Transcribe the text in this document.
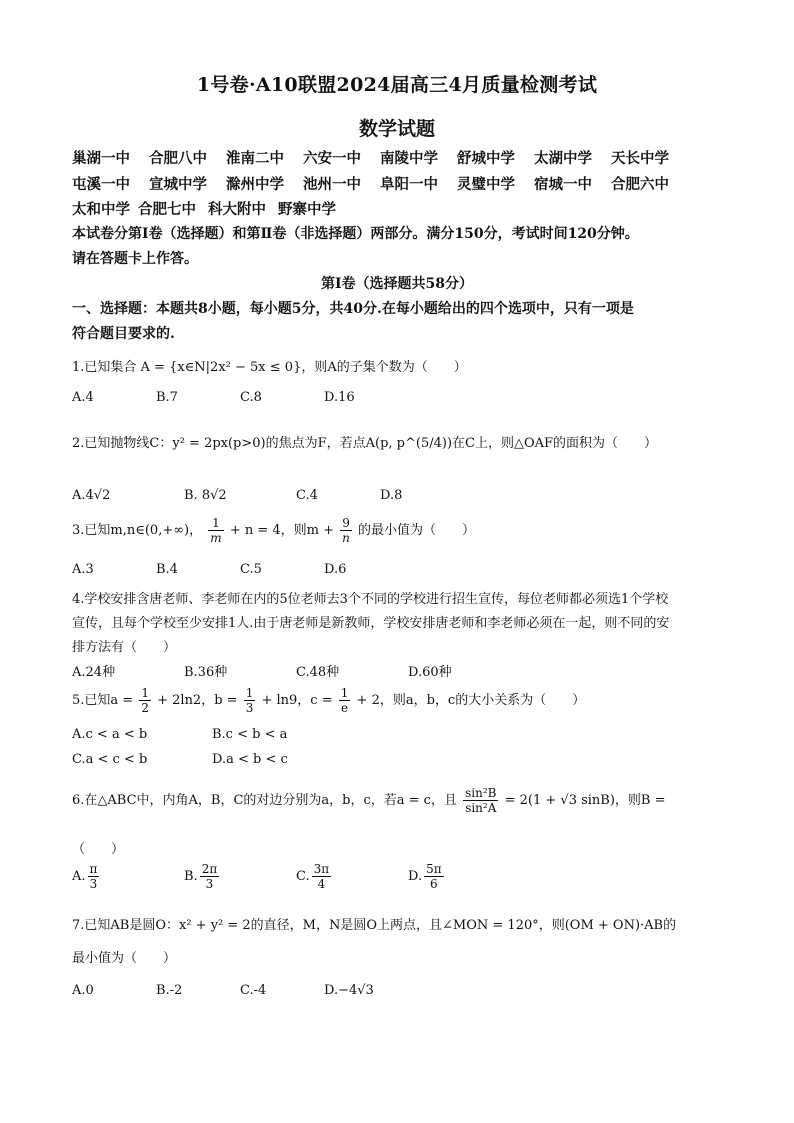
1号卷·A10联盟2024届高三4月质量检测考试
数学试题
巢湖一中 合肥八中 淮南二中 六安一中 南陵中学 舒城中学 太湖中学 天长中学
屯溪一中 宣城中学 滁州中学 池州一中 阜阳一中 灵璧中学 宿城一中 合肥六中
太和中学 合肥七中 科大附中 野寨中学
本试卷分第Ⅰ卷（选择题）和第Ⅱ卷（非选择题）两部分。满分150分，考试时间120分钟。
请在答题卡上作答。
第Ⅰ卷（选择题共58分）
一、选择题：本题共8小题，每小题5分，共40分.在每小题给出的四个选项中，只有一项是
符合题目要求的.
1.已知集合 A = {x∈N|2x² − 5x ≤ 0}，则A的子集个数为（　　）
A.4	B.7	C.8	D.16
2.已知抛物线C：y² = 2px(p>0)的焦点为F，若点A(p, p^(5/4))在C上，则△OAF的面积为（　　）
A.4√2	B. 8√2	C.4	D.8
3.已知m,n∈(0,+∞)， $\frac{1}{m} + n = 4$，则$m + \frac{9}{n}$ 的最小值为（　　）
A.3	B.4	C.5	D.6
4.学校安排含唐老师、李老师在内的5位老师去3个不同的学校进行招生宣传，每位老师都必须选1个学校
宣传，且每个学校至少安排1人.由于唐老师是新教师，学校安排唐老师和李老师必须在一起，则不同的安
排方法有（　　）
A.24种	B.36种	C.48种	D.60种
5.已知$a = \frac{1}{2} + 2\ln 2$，$b = \frac{1}{3} + \ln 9$，$c = \frac{1}{e} + 2$，则a，b，c的大小关系为（　　）
A.c < a < b	B.c < b < a
C.a < c < b	D.a < b < c
6.在△ABC中，内角A，B，C的对边分别为a，b，c，若a = c，且 $\frac{\text{sin²B}}{\text{sin²A}} = 2(1 + √3$ sinB)，则B =
（　　）
A. $\frac{\pi}{3}$	B. $\frac{2\pi}{3}$	C. $\frac{3\pi}{4}$	D. $\frac{5\pi}{6}$
7.已知AB是圆O：x² + y² = 2的直径，M，N是圆O上两点，且∠MON = 120°，则(OM + ON)·AB的
最小值为（　　）
A.0	B.-2	C.-4	D.−4√3
